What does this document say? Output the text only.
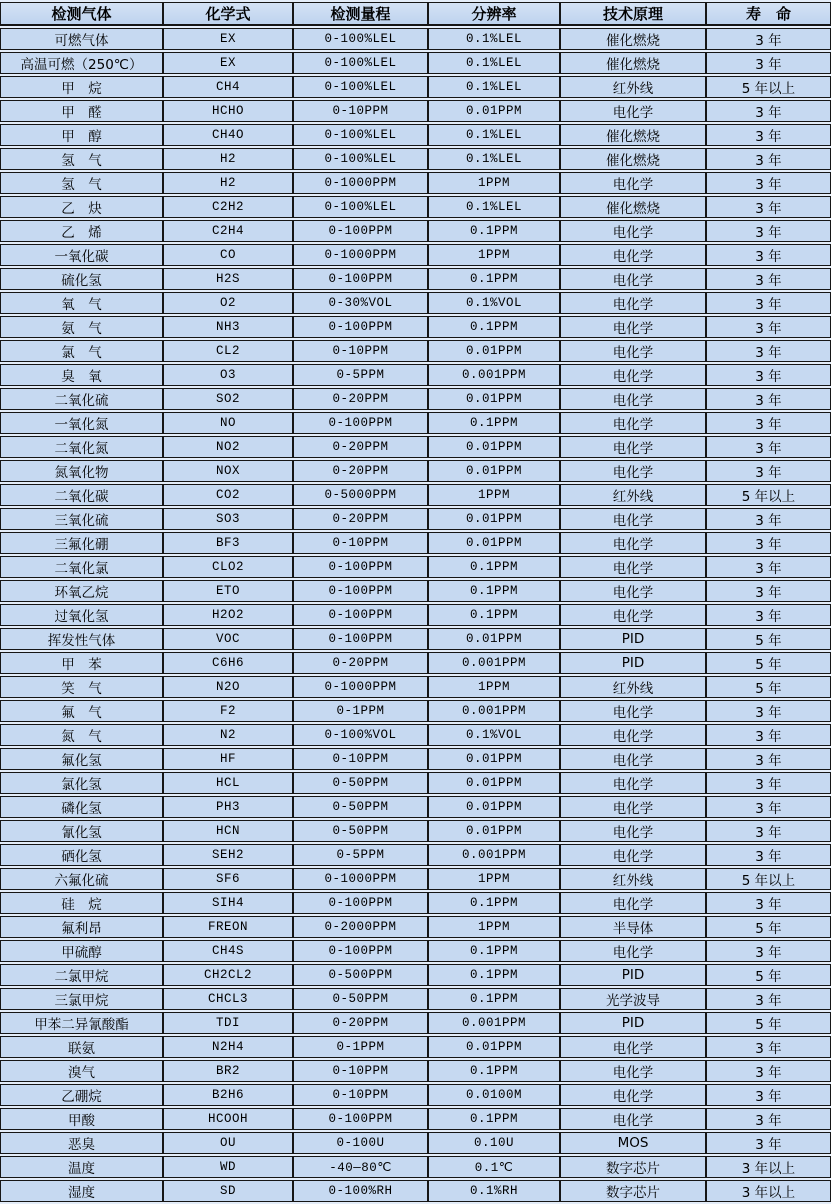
检测气体	化学式	检测量程	分辨率	技术原理	寿　命
可燃气体	EX	0-100%LEL	0.1%LEL	催化燃烧	3 年
高温可燃（250℃）	EX	0-100%LEL	0.1%LEL	催化燃烧	3 年
甲　烷	CH4	0-100%LEL	0.1%LEL	红外线	5 年以上
甲　醛	HCHO	0-10PPM	0.01PPM	电化学	3 年
甲　醇	CH4O	0-100%LEL	0.1%LEL	催化燃烧	3 年
氢　气	H2	0-100%LEL	0.1%LEL	催化燃烧	3 年
氢　气	H2	0-1000PPM	1PPM	电化学	3 年
乙　炔	C2H2	0-100%LEL	0.1%LEL	催化燃烧	3 年
乙　烯	C2H4	0-100PPM	0.1PPM	电化学	3 年
一氧化碳	CO	0-1000PPM	1PPM	电化学	3 年
硫化氢	H2S	0-100PPM	0.1PPM	电化学	3 年
氧　气	O2	0-30%VOL	0.1%VOL	电化学	3 年
氨　气	NH3	0-100PPM	0.1PPM	电化学	3 年
氯　气	CL2	0-10PPM	0.01PPM	电化学	3 年
臭　氧	O3	0-5PPM	0.001PPM	电化学	3 年
二氧化硫	SO2	0-20PPM	0.01PPM	电化学	3 年
一氧化氮	NO	0-100PPM	0.1PPM	电化学	3 年
二氧化氮	NO2	0-20PPM	0.01PPM	电化学	3 年
氮氧化物	NOX	0-20PPM	0.01PPM	电化学	3 年
二氧化碳	CO2	0-5000PPM	1PPM	红外线	5 年以上
三氧化硫	SO3	0-20PPM	0.01PPM	电化学	3 年
三氟化硼	BF3	0-10PPM	0.01PPM	电化学	3 年
二氧化氯	CLO2	0-100PPM	0.1PPM	电化学	3 年
环氧乙烷	ETO	0-100PPM	0.1PPM	电化学	3 年
过氧化氢	H2O2	0-100PPM	0.1PPM	电化学	3 年
挥发性气体	VOC	0-100PPM	0.01PPM	PID	5 年
甲　苯	C6H6	0-20PPM	0.001PPM	PID	5 年
笑　气	N2O	0-1000PPM	1PPM	红外线	5 年
氟　气	F2	0-1PPM	0.001PPM	电化学	3 年
氮　气	N2	0-100%VOL	0.1%VOL	电化学	3 年
氟化氢	HF	0-10PPM	0.01PPM	电化学	3 年
氯化氢	HCL	0-50PPM	0.01PPM	电化学	3 年
磷化氢	PH3	0-50PPM	0.01PPM	电化学	3 年
氰化氢	HCN	0-50PPM	0.01PPM	电化学	3 年
硒化氢	SEH2	0-5PPM	0.001PPM	电化学	3 年
六氟化硫	SF6	0-1000PPM	1PPM	红外线	5 年以上
硅　烷	SIH4	0-100PPM	0.1PPM	电化学	3 年
氟利昂	FREON	0-2000PPM	1PPM	半导体	5 年
甲硫醇	CH4S	0-100PPM	0.1PPM	电化学	3 年
二氯甲烷	CH2CL2	0-500PPM	0.1PPM	PID	5 年
三氯甲烷	CHCL3	0-50PPM	0.1PPM	光学波导	3 年
甲苯二异氰酸酯	TDI	0-20PPM	0.001PPM	PID	5 年
联氨	N2H4	0-1PPM	0.01PPM	电化学	3 年
溴气	BR2	0-10PPM	0.1PPM	电化学	3 年
乙硼烷	B2H6	0-10PPM	0.0100M	电化学	3 年
甲酸	HCOOH	0-100PPM	0.1PPM	电化学	3 年
恶臭	OU	0-100U	0.10U	MOS	3 年
温度	WD	-40—80℃	0.1℃	数字芯片	3 年以上
湿度	SD	0-100%RH	0.1%RH	数字芯片	3 年以上
